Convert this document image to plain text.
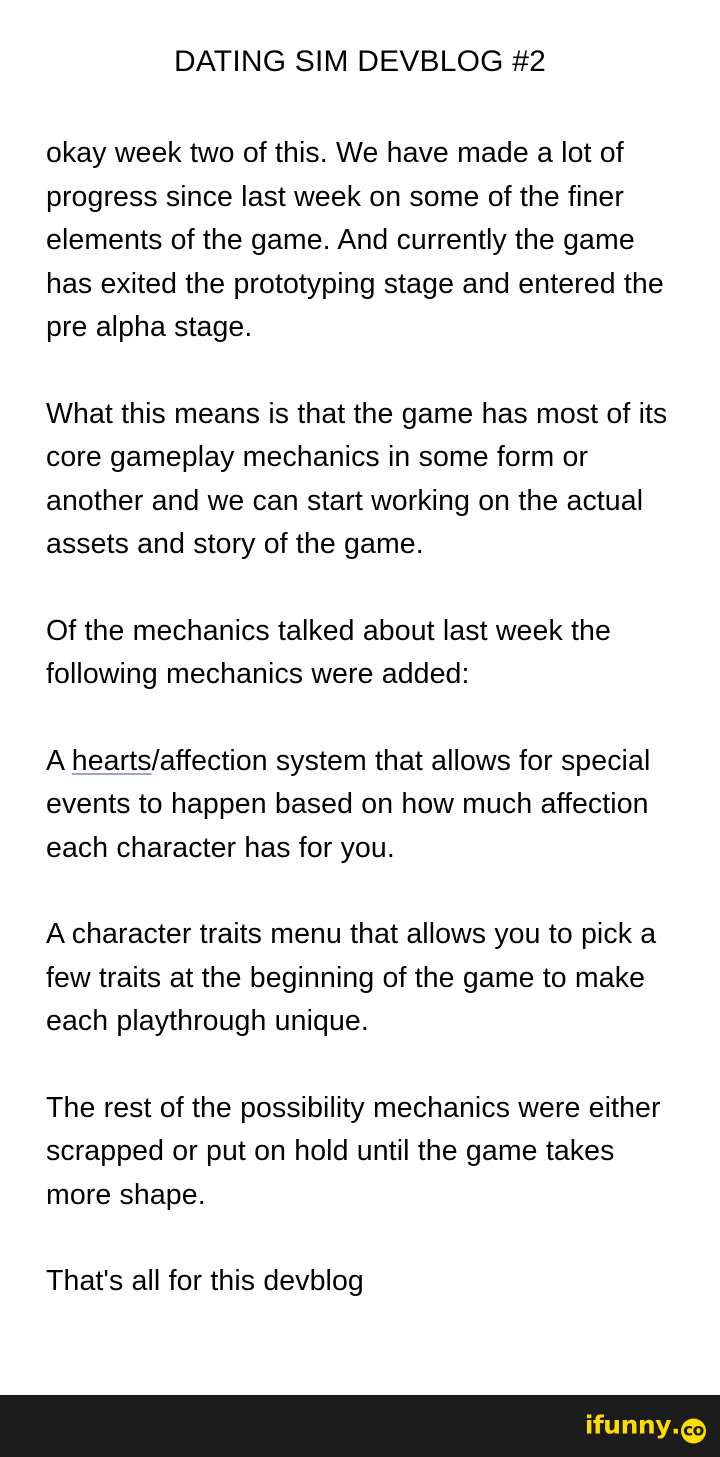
DATING SIM DEVBLOG #2

okay week two of this. We have made a lot of progress since last week on some of the finer elements of the game. And currently the game has exited the prototyping stage and entered the pre alpha stage.

What this means is that the game has most of its core gameplay mechanics in some form or another and we can start working on the actual assets and story of the game.

Of the mechanics talked about last week the following mechanics were added:

A hearts/affection system that allows for special events to happen based on how much affection each character has for you.

A character traits menu that allows you to pick a few traits at the beginning of the game to make each playthrough unique.

The rest of the possibility mechanics were either scrapped or put on hold until the game takes more shape.

That's all for this devblog

i funny . co
